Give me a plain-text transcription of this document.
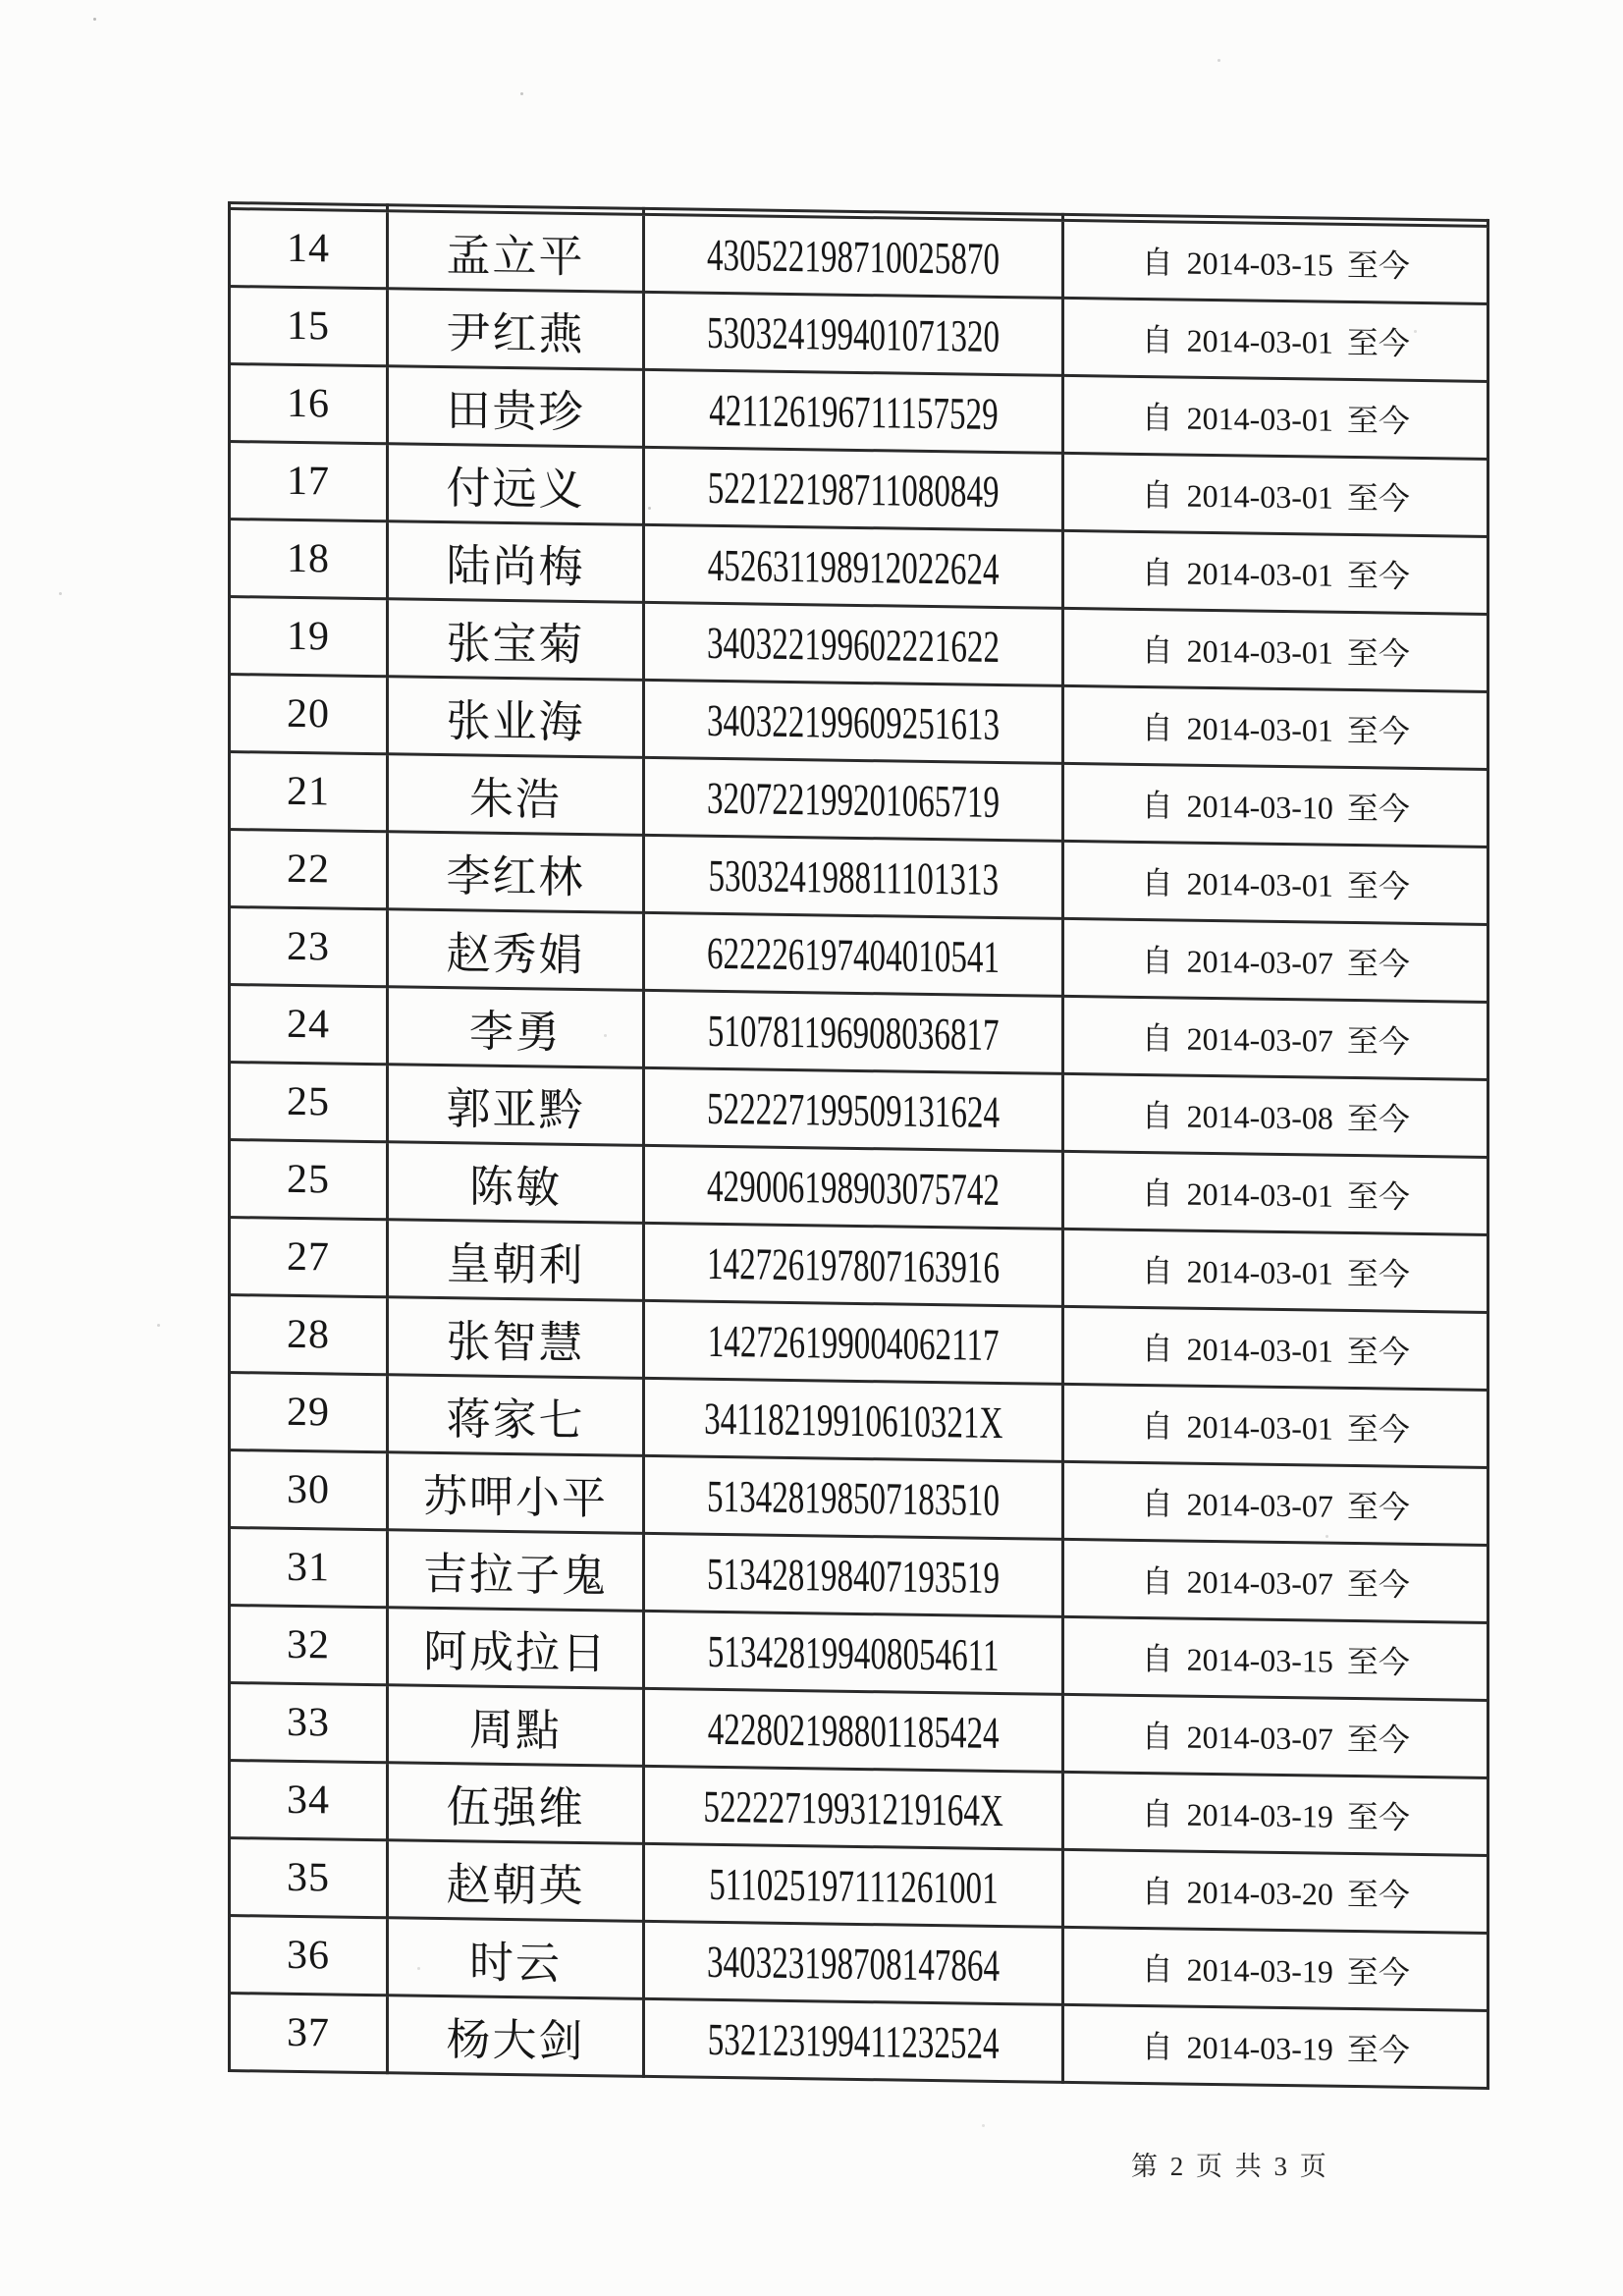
14	孟立平	430522198710025870	自 2014-03-15 至今
15	尹红燕	530324199401071320	自 2014-03-01 至今
16	田贵珍	421126196711157529	自 2014-03-01 至今
17	付远义	522122198711080849	自 2014-03-01 至今
18	陆尚梅	452631198912022624	自 2014-03-01 至今
19	张宝菊	340322199602221622	自 2014-03-01 至今
20	张业海	340322199609251613	自 2014-03-01 至今
21	朱浩	320722199201065719	自 2014-03-10 至今
22	李红林	530324198811101313	自 2014-03-01 至今
23	赵秀娟	622226197404010541	自 2014-03-07 至今
24	李勇	510781196908036817	自 2014-03-07 至今
25	郭亚黔	522227199509131624	自 2014-03-08 至今
25	陈敏	429006198903075742	自 2014-03-01 至今
27	皇朝利	142726197807163916	自 2014-03-01 至今
28	张智慧	142726199004062117	自 2014-03-01 至今
29	蒋家七	34118219910610321X	自 2014-03-01 至今
30	苏呷小平	513428198507183510	自 2014-03-07 至今
31	吉拉子鬼	513428198407193519	自 2014-03-07 至今
32	阿成拉日	513428199408054611	自 2014-03-15 至今
33	周點	422802198801185424	自 2014-03-07 至今
34	伍强维	52222719931219164X	自 2014-03-19 至今
35	赵朝英	511025197111261001	自 2014-03-20 至今
36	时云	340323198708147864	自 2014-03-19 至今
37	杨大剑	532123199411232524	自 2014-03-19 至今
第 2 页 共 3 页
